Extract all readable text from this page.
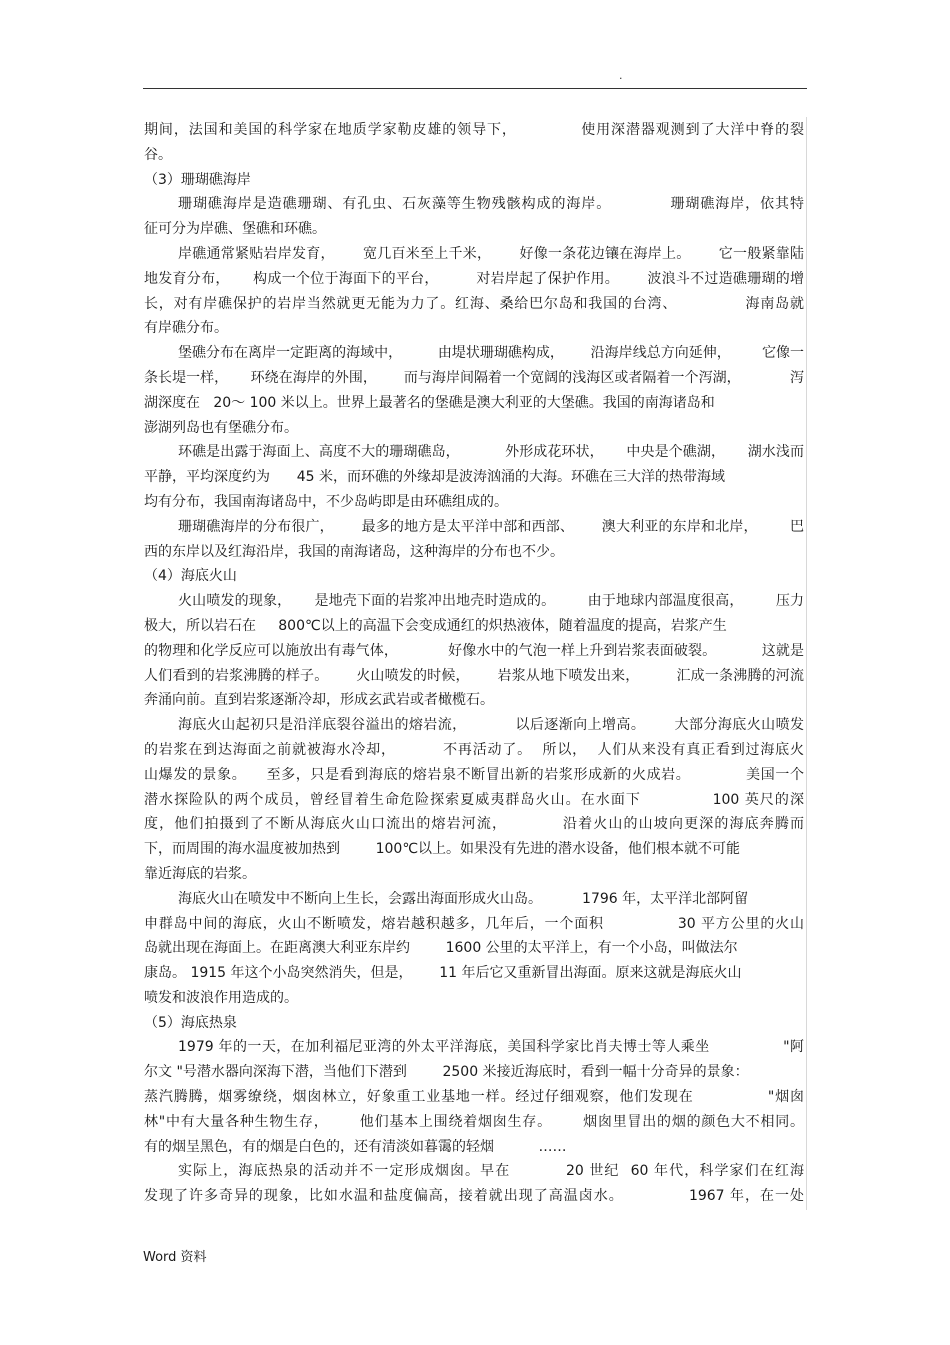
.
期间，法国和美国的科学家在地质学家勒皮雄的领导下，            使用深潜器观测到了大洋中脊的裂
谷。
（3）珊瑚礁海岸
珊瑚礁海岸是造礁珊瑚、有孔虫、石灰藻等生物残骸构成的海岸。           珊瑚礁海岸，依其特
征可分为岸礁、堡礁和环礁。
岸礁通常紧贴岩岸发育，      宽几百米至上千米，      好像一条花边镶在海岸上。      它一般紧靠陆
地发育分布，     构成一个位于海面下的平台，        对岩岸起了保护作用。      波浪斗不过造礁珊瑚的增
长，对有岸礁保护的岩岸当然就更无能为力了。红海、桑给巴尔岛和我国的台湾、             海南岛就
有岸礁分布。
堡礁分布在离岸一定距离的海域中，        由堤状珊瑚礁构成，      沿海岸线总方向延伸，       它像一
条长堤一样，     环绕在海岸的外围，      而与海岸间隔着一个宽阔的浅海区或者隔着一个泻湖，           泻
湖深度在   20～ 100 米以上。世界上最著名的堡礁是澳大利亚的大堡礁。我国的南海诸岛和
澎湖列岛也有堡礁分布。
环礁是出露于海面上、高度不大的珊瑚礁岛，          外形成花环状，     中央是个礁湖，     湖水浅而
平静，平均深度约为      45 米，而环礁的外缘却是波涛汹涌的大海。环礁在三大洋的热带海域
均有分布，我国南海诸岛中，不少岛屿即是由环礁组成的。
珊瑚礁海岸的分布很广，      最多的地方是太平洋中部和西部、      澳大利亚的东岸和北岸，       巴
西的东岸以及红海沿岸，我国的南海诸岛，这种海岸的分布也不少。
（4）海底火山
火山喷发的现象，     是地壳下面的岩浆冲出地壳时造成的。       由于地球内部温度很高，       压力
极大，所以岩石在     800℃以上的高温下会变成通红的炽热液体，随着温度的提高，岩浆产生
的物理和化学反应可以施放出有毒气体，           好像水中的气泡一样上升到岩浆表面破裂。          这就是
人们看到的岩浆沸腾的样子。      火山喷发的时候，      岩浆从地下喷发出来，        汇成一条沸腾的河流
奔涌向前。直到岩浆逐渐冷却，形成玄武岩或者橄榄石。
海底火山起初只是沿洋底裂谷溢出的熔岩流，          以后逐渐向上增高。      大部分海底火山喷发
的岩浆在到达海面之前就被海水冷却，         不再活动了。  所以，  人们从来没有真正看到过海底火
山爆发的景象。    至多，只是看到海底的熔岩泉不断冒出新的岩浆形成新的火成岩。           美国一个
潜水探险队的两个成员，曾经冒着生命危险探索夏威夷群岛火山。在水面下             100 英尺的深
度，他们拍摄到了不断从海底火山口流出的熔岩河流，          沿着火山的山坡向更深的海底奔腾而
下，而周围的海水温度被加热到        100℃以上。如果没有先进的潜水设备，他们根本就不可能
靠近海底的岩浆。
海底火山在喷发中不断向上生长，会露出海面形成火山岛。         1796 年，太平洋北部阿留
申群岛中间的海底，火山不断喷发，熔岩越积越多，几年后，一个面积              30 平方公里的火山
岛就出现在海面上。在距离澳大利亚东岸约        1600 公里的太平洋上，有一个小岛，叫做法尔
康岛。 1915 年这个小岛突然消失，但是，      11 年后它又重新冒出海面。原来这就是海底火山
喷发和波浪作用造成的。
（5）海底热泉
1979 年的一天，在加利福尼亚湾的外太平洋海底，美国科学家比肖夫博士等人乘坐               "阿
尔文 "号潜水器向深海下潜，当他们下潜到        2500 米接近海底时，看到一幅十分奇异的景象：
蒸汽腾腾，烟雾缭绕，烟囱林立，好象重工业基地一样。经过仔细观察，他们发现在              "烟囱
林"中有大量各种生物生存，      他们基本上围绕着烟囱生存。      烟囱里冒出的烟的颜色大不相同。
有的烟呈黑色，有的烟是白色的，还有清淡如暮霭的轻烟          ……
实际上，海底热泉的活动并不一定形成烟囱。早在          20 世纪  60 年代，科学家们在红海
发现了许多奇异的现象，比如水温和盐度偏高，接着就出现了高温卤水。            1967 年，在一处
Word 资料
